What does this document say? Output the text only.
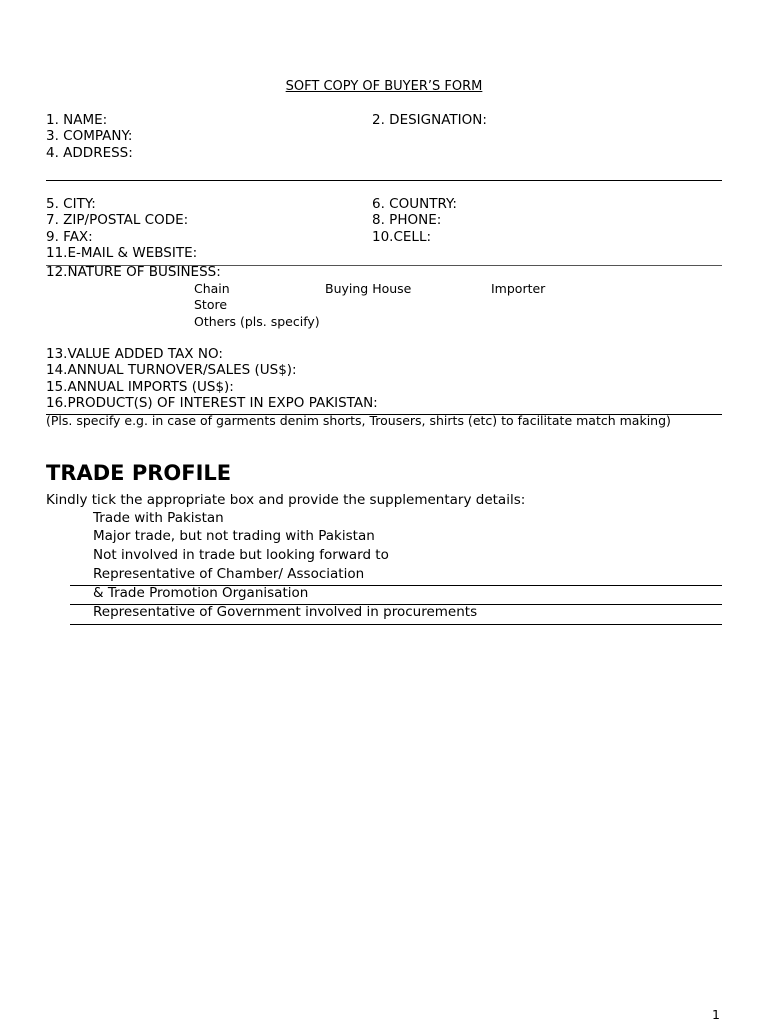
SOFT COPY OF BUYER’S FORM
1. NAME:	2. DESIGNATION:
3. COMPANY:
4. ADDRESS:
5. CITY:	6. COUNTRY:
7. ZIP/POSTAL CODE:	8. PHONE:
9. FAX:	10.CELL:
11.E-MAIL & WEBSITE:
12.NATURE OF BUSINESS:
Chain	Buying House	Importer
Store
Others (pls. specify)
13.VALUE ADDED TAX NO:
14.ANNUAL TURNOVER/SALES (US$):
15.ANNUAL IMPORTS (US$):
16.PRODUCT(S) OF INTEREST IN EXPO PAKISTAN:
(Pls. specify e.g. in case of garments denim shorts, Trousers, shirts (etc) to facilitate match making)
TRADE PROFILE
Kindly tick the appropriate box and provide the supplementary details:
Trade with Pakistan
Major trade, but not trading with Pakistan
Not involved in trade but looking forward to
Representative of Chamber/ Association
& Trade Promotion Organisation
Representative of Government involved in procurements
1
